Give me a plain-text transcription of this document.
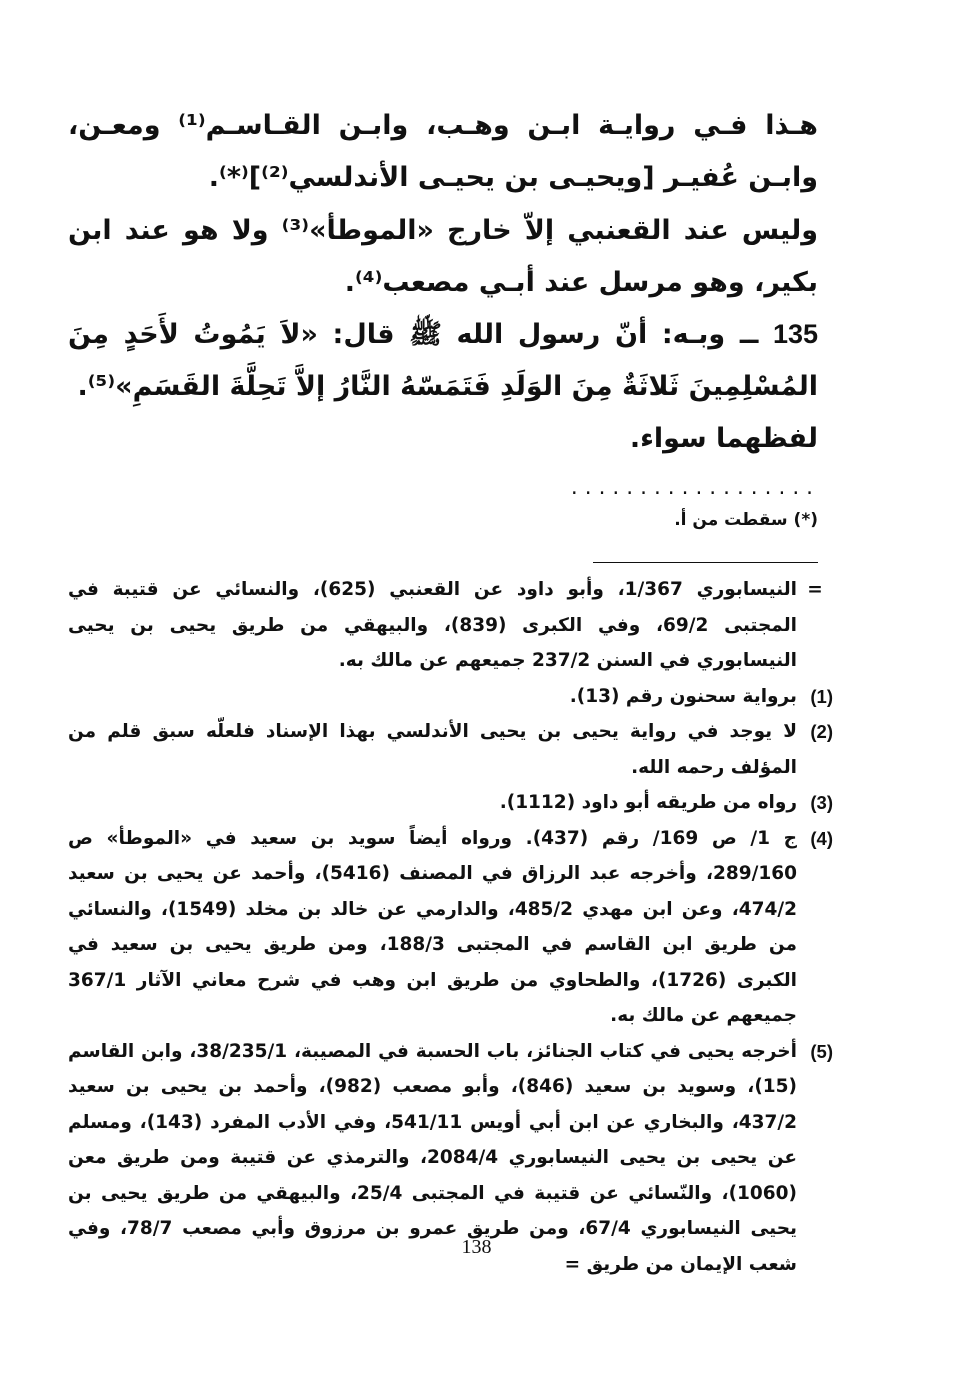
هـذا فـي روايـة ابـن وهـب، وابـن القـاسـم⁽¹⁾ ومعـن، وابـن عُفيـر [ويحيـى بن يحيـى الأندلسي⁽²⁾]⁽*⁾.

وليس عند القعنبي إلاّ خارج «الموطأ»⁽³⁾ ولا هو عند ابن بكير، وهو مرسل عند أبـي مصعب⁽⁴⁾.

135 ــ وبـه: أنّ رسول الله ﷺ قال: «لاَ يَمُوتُ لأَحَدٍ مِنَ المُسْلِمِينَ ثَلاثَةٌ مِنَ الوَلَدِ فَتَمَسّهُ النَّارُ إلاَّ تَحِلَّةَ القَسَمِ»⁽⁵⁾.

لفظهما سواء.

..................
(*) سقطت من أ.
=
النيسابوري 1/367، وأبو داود عن القعنبي (625)، والنسائي عن قتيبة في المجتبى 69/2، وفي الكبرى (839)، والبيهقي من طريق يحيى بن يحيى النيسابوري في السنن 237/2 جميعهم عن مالك به.
(1)
برواية سحنون رقم (13).
(2)
لا يوجد في رواية يحيى بن يحيى الأندلسي بهذا الإسناد فلعلّه سبق قلم من المؤلف رحمه الله.
(3)
رواه من طريقه أبو داود (1112).
(4)
ج 1/ ص 169/ رقم (437). ورواه أيضاً سويد بن سعيد في «الموطأ» ص 289/160، وأخرجه عبد الرزاق في المصنف (5416)، وأحمد عن يحيى بن سعيد 474/2، وعن ابن مهدي 485/2، والدارمي عن خالد بن مخلد (1549)، والنسائي من طريق ابن القاسم في المجتبى 188/3، ومن طريق يحيى بن سعيد في الكبرى (1726)، والطحاوي من طريق ابن وهب في شرح معاني الآثار 367/1 جميعهم عن مالك به.
(5)
أخرجه يحيى في كتاب الجنائز، باب الحسبة في المصيبة، 38/235/1، وابن القاسم (15)، وسويد بن سعيد (846)، وأبو مصعب (982)، وأحمد بن يحيى بن سعيد 437/2، والبخاري عن ابن أبي أويس 541/11، وفي الأدب المفرد (143)، ومسلم عن يحيى بن يحيى النيسابوري 2084/4، والترمذي عن قتيبة ومن طريق معن (1060)، والنّسائي عن قتيبة في المجتبى 25/4، والبيهقي من طريق يحيى بن يحيى النيسابوري 67/4، ومن طريق عمرو بن مرزوق وأبي مصعب 78/7، وفي شعب الإيمان من طريق =
138
